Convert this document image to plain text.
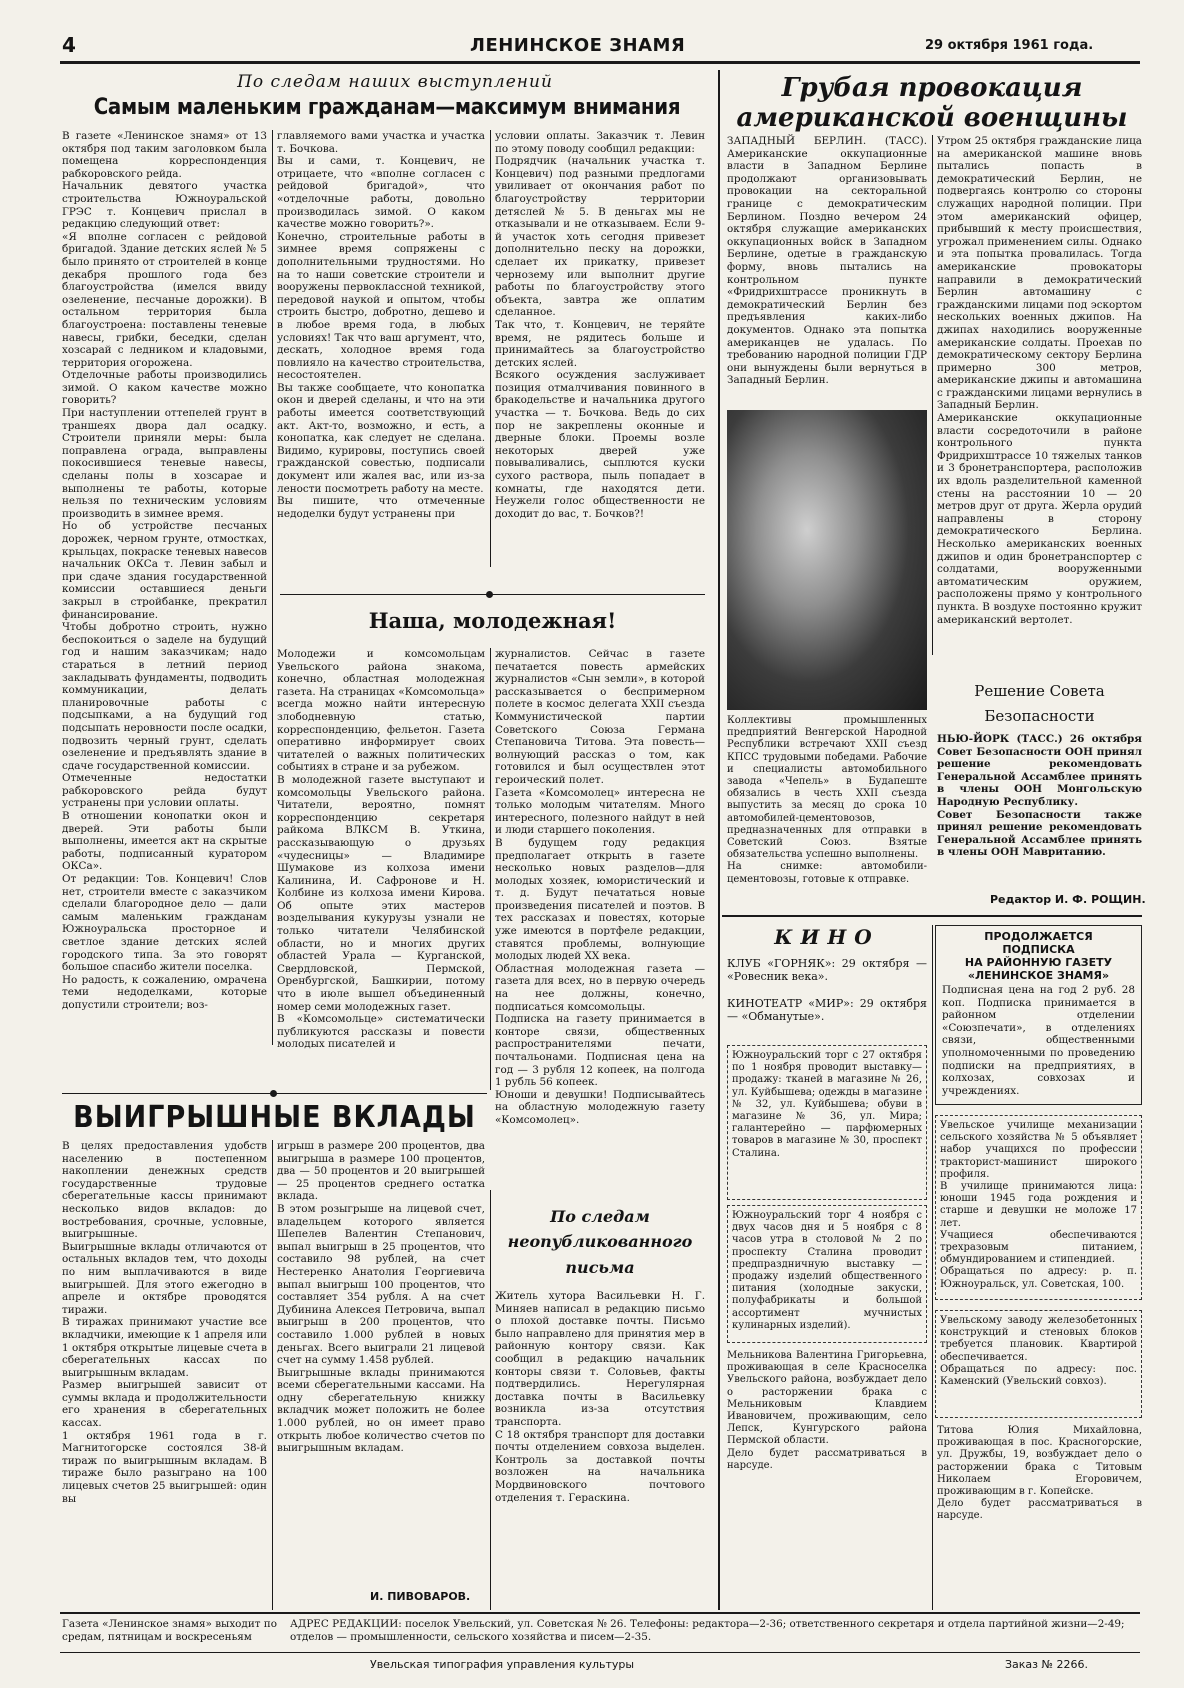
4	ЛЕНИНСКОЕ ЗНАМЯ	29 октября 1961 года.
По следам наших выступлений
Самым маленьким гражданам—максимум внимания
В газете «Ленинское знамя» от 13 октября под таким заголовком была помещена корреспонденция рабкоровского рейда.
Начальник девятого участка строительства Южноуральской ГРЭС т. Концевич прислал в редакцию следующий ответ:
«Я вполне согласен с рейдовой бригадой. Здание детских яслей № 5 было принято от строителей в конце декабря прошлого года без благоустройства (имелся ввиду озеленение, песчаные дорожки). В остальном территория была благоустроена: поставлены теневые навесы, грибки, беседки, сделан хозсарай с ледником и кладовыми, территория огорожена.
Отделочные работы производились зимой. О каком качестве можно говорить?
При наступлении оттепелей грунт в траншеях двора дал осадку. Строители приняли меры: была поправлена ограда, выправлены покосившиеся теневые навесы, сделаны полы в хозсарае и выполнены те работы, которые нельзя по техническим условиям производить в зимнее время.
Но об устройстве песчаных дорожек, черном грунте, отмостках, крыльцах, покраске теневых навесов начальник ОКСа т. Левин забыл и при сдаче здания государственной комиссии оставшиеся деньги закрыл в стройбанке, прекратил финансирование.
Чтобы добротно строить, нужно беспокоиться о заделе на будущий год и нашим заказчикам; надо стараться в летний период закладывать фундаменты, подводить коммуникации, делать планировочные работы с подсыпками, а на будущий год подсыпать неровности после осадки, подвозить черный грунт, сделать озеленение и предъявлять здание в сдаче государственной комиссии.
Отмеченные недостатки рабкоровского рейда будут устранены при условии оплаты.
В отношении конопатки окон и дверей. Эти работы были выполнены, имеется акт на скрытые работы, подписанный куратором ОКСа».
От редакции: Тов. Концевич! Слов нет, строители вместе с заказчиком сделали благородное дело — дали самым маленьким гражданам Южноуральска просторное и светлое здание детских яслей городского типа. За это говорят большое спасибо жители поселка.
Но радость, к сожалению, омрачена теми недоделками, которые допустили строители; воз-
главляемого вами участка и участка т. Бочкова.
Вы и сами, т. Концевич, не отрицаете, что «вполне согласен с рейдовой бригадой», что «отделочные работы, довольно производилась зимой. О каком качестве можно говорить?».
Конечно, строительные работы в зимнее время сопряжены с дополнительными трудностями. Но на то наши советские строители и вооружены первоклассной техникой, передовой наукой и опытом, чтобы строить быстро, добротно, дешево и в любое время года, в любых условиях! Так что ваш аргумент, что, дескать, холодное время года повлияло на качество строительства, несостоятелен.
Вы также сообщаете, что конопатка окон и дверей сделаны, и что на эти работы имеется соответствующий акт. Акт-то, возможно, и есть, а конопатка, как следует не сделана. Видимо, курировы, поступись своей гражданской совестью, подписали документ или жалея вас, или из-за лености посмотреть работу на месте.
Вы пишите, что отмеченные недоделки будут устранены при
условии оплаты. Заказчик т. Левин по этому поводу сообщил редакции:
Подрядчик (начальник участка т. Концевич) под разными предлогами увиливает от окончания работ по благоустройству территории детяслей № 5. В деньгах мы не отказывали и не отказываем. Если 9-й участок хоть сегодня привезет дополнительно песку на дорожки, сделает их прикатку, привезет чернозему или выполнит другие работы по благоустройству этого объекта, завтра же оплатим сделанное.
Так что, т. Концевич, не теряйте время, не рядитесь больше и принимайтесь за благоустройство детских яслей.
Всякого осуждения заслуживает позиция отмалчивания повинного в бракодельстве и начальника другого участка — т. Бочкова. Ведь до сих пор не закреплены оконные и дверные блоки. Проемы возле некоторых дверей уже повываливались, сыплются куски сухого раствора, пыль попадает в комнаты, где находятся дети. Неужели голос общественности не доходит до вас, т. Бочков?!
Наша, молодежная!
Молодежи и комсомольцам Увельского района знакома, конечно, областная молодежная газета. На страницах «Комсомольца» всегда можно найти интересную злободневную статью, корреспонденцию, фельетон. Газета оперативно информирует своих читателей о важных политических событиях в стране и за рубежом.
В молодежной газете выступают и комсомольцы Увельского района. Читатели, вероятно, помнят корреспонденцию секретаря райкома ВЛКСМ В. Уткина, рассказывающую о друзьях «чудесницы» — Владимире Шумакове из колхоза имени Калинина, И. Сафронове и Н. Колбине из колхоза имени Кирова. Об опыте этих мастеров возделывания кукурузы узнали не только читатели Челябинской области, но и многих других областей Урала — Курганской, Свердловской, Пермской, Оренбургской, Башкирии, потому что в июле вышел объединенный номер семи молодежных газет.
В «Комсомольце» систематически публикуются рассказы и повести молодых писателей и
журналистов. Сейчас в газете печатается повесть армейских журналистов «Сын земли», в которой рассказывается о беспримерном полете в космос делегата XXII съезда Коммунистической партии Советского Союза Германа Степановича Титова. Эта повесть—волнующий рассказ о том, как готовился и был осуществлен этот героический полет.
Газета «Комсомолец» интересна не только молодым читателям. Много интересного, полезного найдут в ней и люди старшего поколения.
В будущем году редакция предполагает открыть в газете несколько новых разделов—для молодых хозяек, юмористический и т. д. Будут печататься новые произведения писателей и поэтов. В тех рассказах и повестях, которые уже имеются в портфеле редакции, ставятся проблемы, волнующие молодых людей XX века.
Областная молодежная газета —газета для всех, но в первую очередь на нее должны, конечно, подписаться комсомольцы.
Подписка на газету принимается в конторе связи, общественных распространителями печати, почтальонами. Подписная цена на год — 3 рубля 12 копеек, на полгода 1 рубль 56 копеек.
Юноши и девушки! Подписывайтесь на областную молодежную газету «Комсомолец».
ВЫИГРЫШНЫЕ ВКЛАДЫ
В целях предоставления удобств населению в постепенном накоплении денежных средств государственные трудовые сберегательные кассы принимают несколько видов вкладов: до востребования, срочные, условные, выигрышные.
Выигрышные вклады отличаются от остальных вкладов тем, что доходы по ним выплачиваются в виде выигрышей. Для этого ежегодно в апреле и октябре проводятся тиражи.
В тиражах принимают участие все вкладчики, имеющие к 1 апреля или 1 октября открытые лицевые счета в сберегательных кассах по выигрышным вкладам.
Размер выигрышей зависит от суммы вклада и продолжительности его хранения в сберегательных кассах.
1 октября 1961 года в г. Магнитогорске состоялся 38-й тираж по выигрышным вкладам. В тираже было разыграно на 100 лицевых счетов 25 выигрышей: один вы
игрыш в размере 200 процентов, два выигрыша в размере 100 процентов, два — 50 процентов и 20 выигрышей — 25 процентов среднего остатка вклада.
В этом розыгрыше на лицевой счет, владельцем которого является Шепелев Валентин Степанович, выпал выигрыш в 25 процентов, что составило 98 рублей, на счет Нестеренко Анатолия Георгиевича выпал выигрыш 100 процентов, что составляет 354 рубля. А на счет Дубинина Алексея Петровича, выпал выигрыш в 200 процентов, что составило 1.000 рублей в новых деньгах. Всего выиграли 21 лицевой счет на сумму 1.458 рублей.
Выигрышные вклады принимаются всеми сберегательными кассами. На одну сберегательную книжку вкладчик может положить не более 1.000 рублей, но он имеет право открыть любое количество счетов по выигрышным вкладам.
И. ПИВОВАРОВ.
По следам
неопубликованного
письма
Житель хутора Васильевки Н. Г. Миняев написал в редакцию письмо о плохой доставке почты. Письмо было направлено для принятия мер в районную контору связи. Как сообщил в редакцию начальник конторы связи т. Соловьев, факты подтвердились. Нерегулярная доставка почты в Васильевку возникла из-за отсутствия транспорта.
С 18 октября транспорт для доставки почты отделением совхоза выделен. Контроль за доставкой почты возложен на начальника Мордвиновского почтового отделения т. Гераскина.
Грубая провокация
американской военщины
ЗАПАДНЫЙ БЕРЛИН. (ТАСС). Американские оккупационные власти в Западном Берлине продолжают организовывать провокации на секторальной границе с демократическим Берлином. Поздно вечером 24 октября служащие американских оккупационных войск в Западном Берлине, одетые в гражданскую форму, вновь пытались на контрольном пункте «Фридрихштрассе проникнуть в демократический Берлин без предъявления каких-либо документов. Однако эта попытка американцев не удалась. По требованию народной полиции ГДР они вынуждены были вернуться в Западный Берлин.
Утром 25 октября гражданские лица на американской машине вновь пытались попасть в демократический Берлин, не подвергаясь контролю со стороны служащих народной полиции. При этом американский офицер, прибывший к месту происшествия, угрожал применением силы. Однако и эта попытка провалилась. Тогда американские провокаторы направили в демократический Берлин автомашину с гражданскими лицами под эскортом нескольких военных джипов. На джипах находились вооруженные американские солдаты. Проехав по демократическому сектору Берлина примерно 300 метров, американские джипы и автомашина с гражданскими лицами вернулись в Западный Берлин.
Американские оккупационные власти сосредоточили в районе контрольного пункта Фридрихштрассе 10 тяжелых танков и 3 бронетранспортера, расположив их вдоль разделительной каменной стены на расстоянии 10 — 20 метров друг от друга. Жерла орудий направлены в сторону демократического Берлина. Несколько американских военных джипов и один бронетранспортер с солдатами, вооруженными автоматическим оружием, расположены прямо у контрольного пункта. В воздухе постоянно кружит американский вертолет.
Коллективы промышленных предприятий Венгерской Народной Республики встречают XXII съезд КПСС трудовыми победами. Рабочие и специалисты автомобильного завода «Чепель» в Будапеште обязались в честь XXII съезда выпустить за месяц до срока 10 автомобилей-цементовозов, предназначенных для отправки в Советский Союз. Взятые обязательства успешно выполнены.
На снимке: автомобили-цементовозы, готовые к отправке.
Решение Совета
Безопасности
НЬЮ-ЙОРК (ТАСС.) 26 октября Совет Безопасности ООН принял решение рекомендовать Генеральной Ассамблее принять в члены ООН Монгольскую Народную Республику.
Совет Безопасности также принял решение рекомендовать Генеральной Ассамблее принять в члены ООН Мавританию.
Редактор И. Ф. РОЩИН.
КИНО
КЛУБ «ГОРНЯК»: 29 октября — «Ровесник века».
КИНОТЕАТР «МИР»: 29 октября — «Обманутые».
ПРОДОЛЖАЕТСЯ
ПОДПИСКА
НА РАЙОННУЮ ГАЗЕТУ
«ЛЕНИНСКОЕ ЗНАМЯ»
Подписная цена на год 2 руб. 28 коп. Подписка принимается в районном отделении «Союзпечати», в отделениях связи, общественными уполномоченными по проведению подписки на предприятиях, в колхозах, совхозах и учреждениях.
Южноуральский торг с 27 октября по 1 ноября проводит выставку—продажу: тканей в магазине № 26, ул. Куйбышева; одежды в магазине № 32, ул. Куйбышева; обуви в магазине № 36, ул. Мира; галантерейно — парфюмерных товаров в магазине № 30, проспект Сталина.
Южноуральский торг 4 ноября с двух часов дня и 5 ноября с 8 часов утра в столовой № 2 по проспекту Сталина проводит предпраздничную выставку — продажу изделий общественного питания (холодные закуски, полуфабрикаты и большой ассортимент мучнистых кулинарных изделий).
Увельское училище механизации сельского хозяйства № 5 объявляет набор учащихся по профессии тракторист-машинист широкого профиля.
В училище принимаются лица: юноши 1945 года рождения и старше и девушки не моложе 17 лет.
Учащиеся обеспечиваются трехразовым питанием, обмундированием и стипендией.
Обращаться по адресу: р. п. Южноуральск, ул. Советская, 100.
Увельскому заводу железобетонных конструкций и стеновых блоков требуется плановик. Квартирой обеспечивается.
Обращаться по адресу: пос. Каменский (Увельский совхоз).
Мельникова Валентина Григорьевна, проживающая в селе Красноселка Увельского района, возбуждает дело о расторжении брака с Мельниковым Клавдием Ивановичем, проживающим, село Лепск, Кунгурского района Пермской области.
Дело будет рассматриваться в нарсуде.
Титова Юлия Михайловна, проживающая в пос. Красногорские, ул. Дружбы, 19, возбуждает дело о расторжении брака с Титовым Николаем Егоровичем, проживающим в г. Копейске.
Дело будет рассматриваться в нарсуде.
Газета «Ленинское знамя» выходит по средам, пятницам и воскресеньям
АДРЕС РЕДАКЦИИ: поселок Увельский, ул. Советская № 26. Телефоны: редактора—2-36; ответственного секретаря и отдела партийной жизни—2-49; отделов — промышленности, сельского хозяйства и писем—2-35.
Увельская типография управления культуры	Заказ № 2266.
